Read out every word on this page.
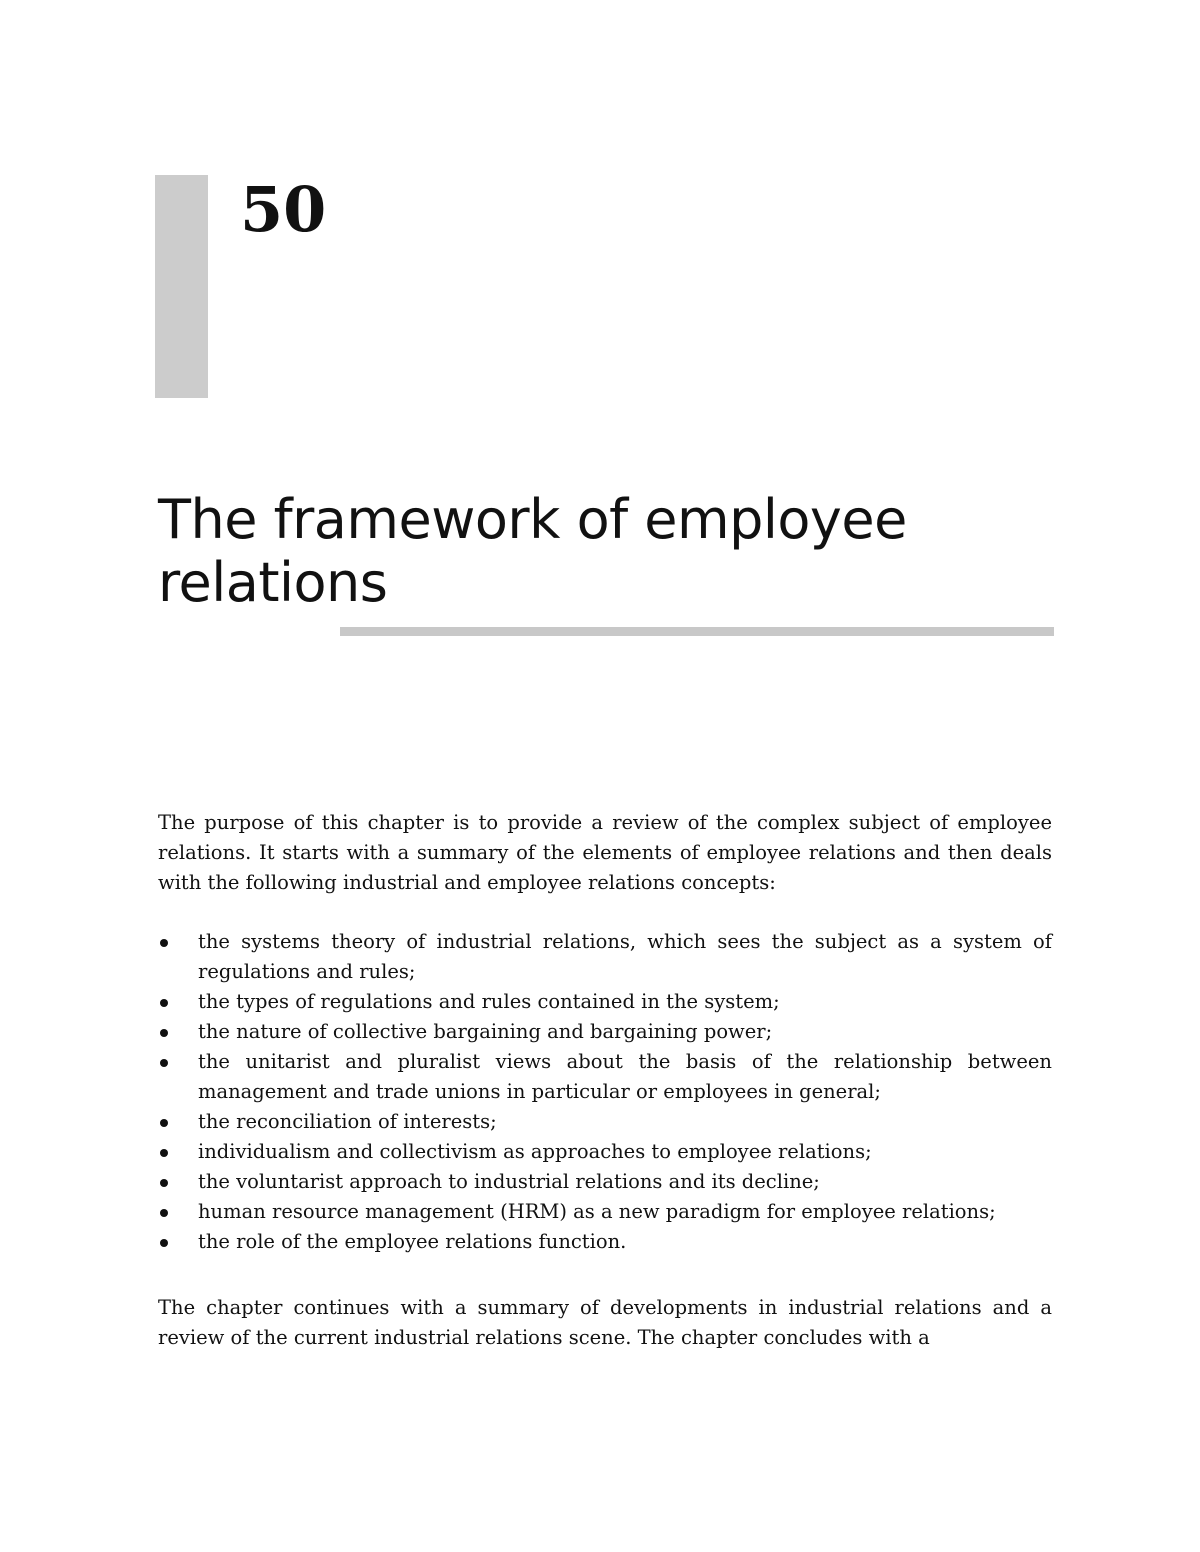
50
The framework of employee relations

The purpose of this chapter is to provide a review of the complex subject of employee relations. It starts with a summary of the elements of employee relations and then deals with the following industrial and employee relations concepts:

the systems theory of industrial relations, which sees the subject as a system of regulations and rules;
the types of regulations and rules contained in the system;
the nature of collective bargaining and bargaining power;
the unitarist and pluralist views about the basis of the relationship between management and trade unions in particular or employees in general;
the reconciliation of interests;
individualism and collectivism as approaches to employee relations;
the voluntarist approach to industrial relations and its decline;
human resource management (HRM) as a new paradigm for employee relations;
the role of the employee relations function.

The chapter continues with a summary of developments in industrial relations and a review of the current industrial relations scene. The chapter concludes with a
